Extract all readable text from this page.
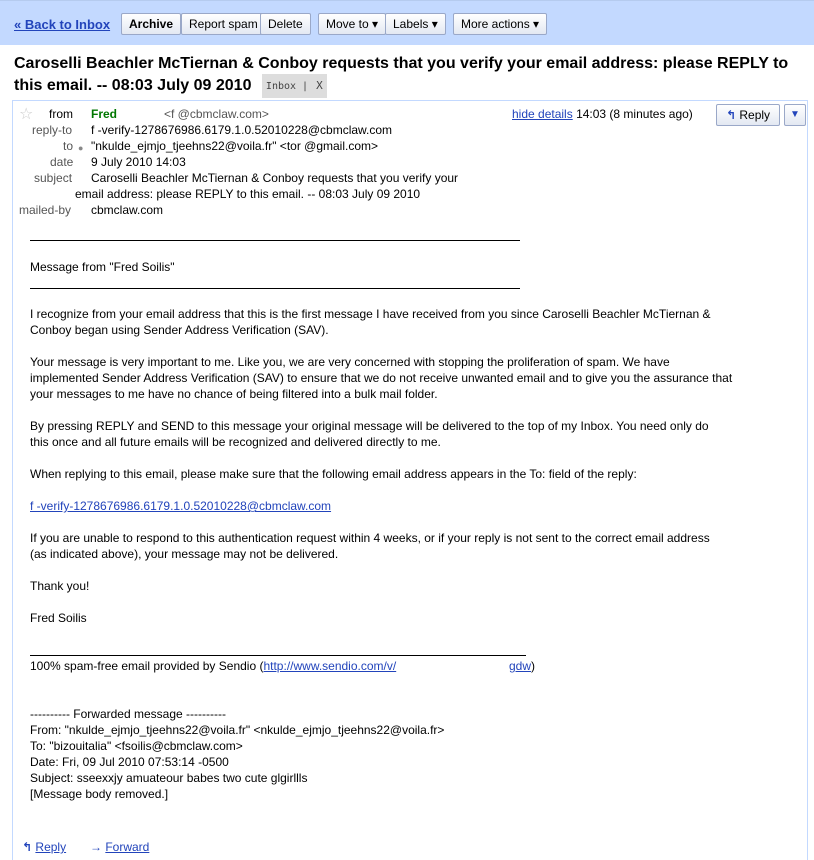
« Back to Inbox	Archive	Report spam Delete	Move to ▾	Labels ▾	More actions ▾
Caroselli Beachler McTiernan & Conboy requests that you verify your email address: please REPLY to this email. -- 08:03 July 09 2010 Inbox | X
☆ from Fred	<f @cbmclaw.com>	hide details 14:03 (8 minutes ago)	↰ Reply	▼
reply-to f -verify-1278676986.6179.1.0.52010228@cbmclaw.com
to ● "nkulde_ejmjo_tjeehns22@voila.fr" <tor @gmail.com>
date 9 July 2010 14:03
subject Caroselli Beachler McTiernan & Conboy requests that you verify your
email address: please REPLY to this email. -- 08:03 July 09 2010
mailed-by cbmclaw.com
Message from "Fred Soilis"
I recognize from your email address that this is the first message I have received from you since Caroselli Beachler McTiernan &
Conboy began using Sender Address Verification (SAV).
Your message is very important to me. Like you, we are very concerned with stopping the proliferation of spam. We have
implemented Sender Address Verification (SAV) to ensure that we do not receive unwanted email and to give you the assurance that
your messages to me have no chance of being filtered into a bulk mail folder.
By pressing REPLY and SEND to this message your original message will be delivered to the top of my Inbox. You need only do
this once and all future emails will be recognized and delivered directly to me.
When replying to this email, please make sure that the following email address appears in the To: field of the reply:
f -verify-1278676986.6179.1.0.52010228@cbmclaw.com
If you are unable to respond to this authentication request within 4 weeks, or if your reply is not sent to the correct email address
(as indicated above), your message may not be delivered.
Thank you!
Fred Soilis
100% spam-free email provided by Sendio (http://www.sendio.com/v/	gdw)
---------- Forwarded message ----------
From: "nkulde_ejmjo_tjeehns22@voila.fr" <nkulde_ejmjo_tjeehns22@voila.fr>
To: "bizouitalia" <fsoilis@cbmclaw.com>
Date: Fri, 09 Jul 2010 07:53:14 -0500
Subject: sseexxjy amuateour babes two cute glgirllls
[Message body removed.]
↰ Reply → Forward
